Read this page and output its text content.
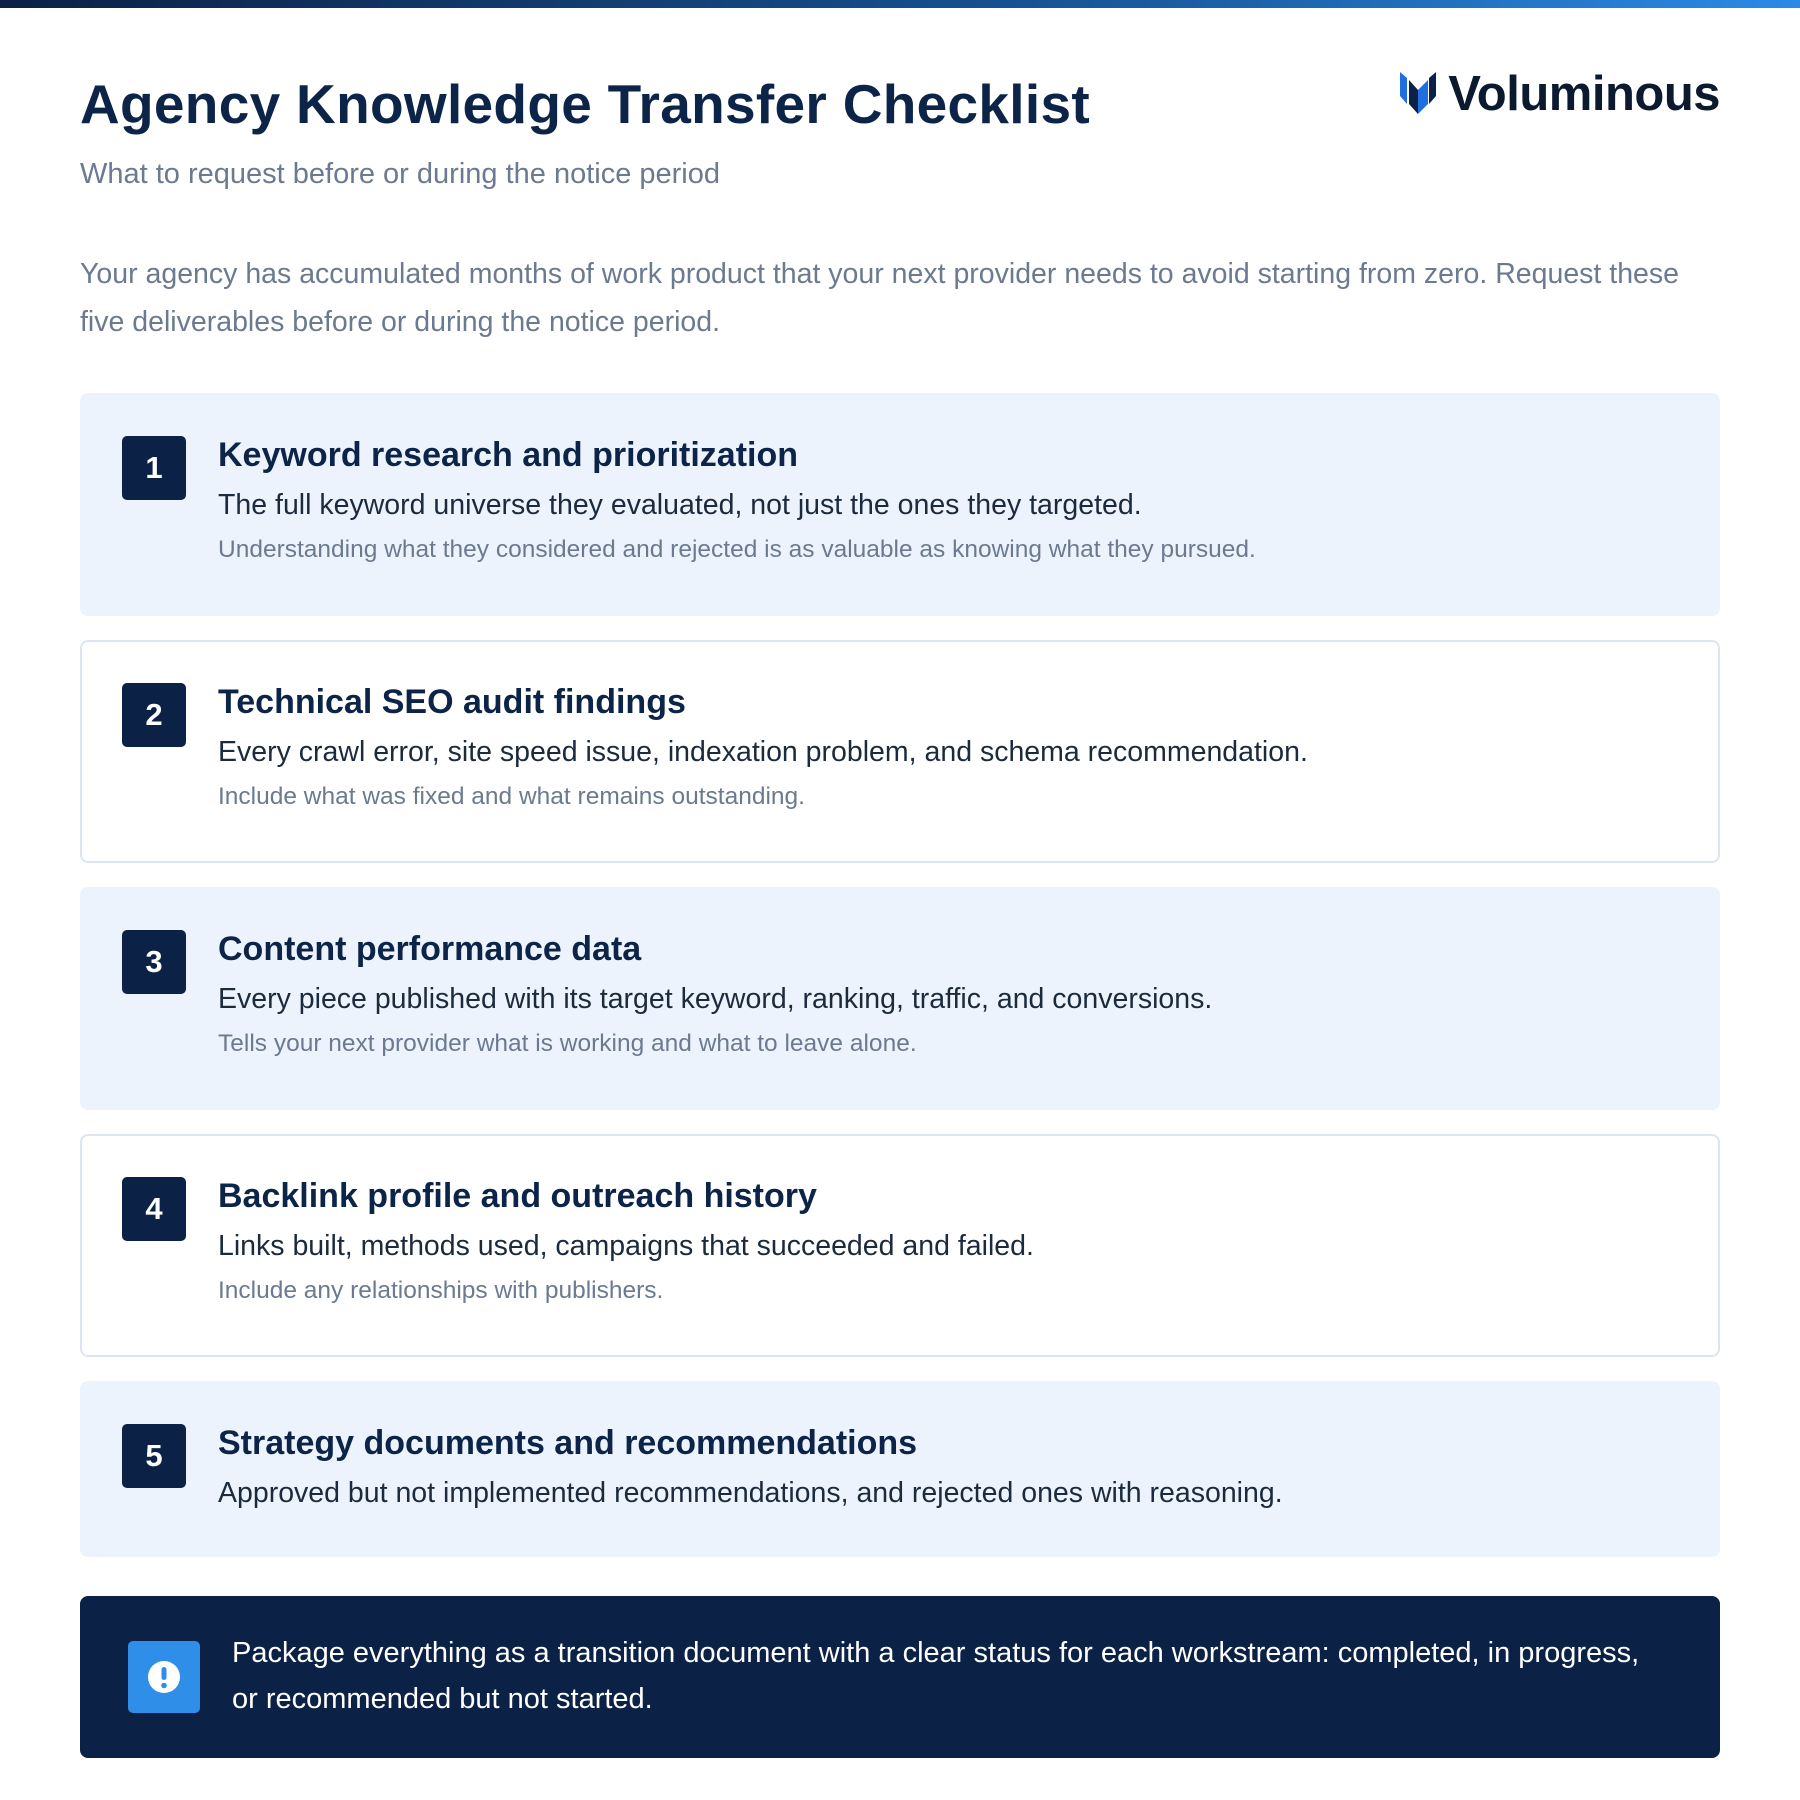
Agency Knowledge Transfer Checklist
What to request before or during the notice period
Voluminous

Your agency has accumulated months of work product that your next provider needs to avoid starting from zero. Request these five deliverables before or during the notice period.

1	Keyword research and prioritization
The full keyword universe they evaluated, not just the ones they targeted.
Understanding what they considered and rejected is as valuable as knowing what they pursued.
2	Technical SEO audit findings
Every crawl error, site speed issue, indexation problem, and schema recommendation.
Include what was fixed and what remains outstanding.
3	Content performance data
Every piece published with its target keyword, ranking, traffic, and conversions.
Tells your next provider what is working and what to leave alone.
4	Backlink profile and outreach history
Links built, methods used, campaigns that succeeded and failed.
Include any relationships with publishers.
5	Strategy documents and recommendations
Approved but not implemented recommendations, and rejected ones with reasoning.
Package everything as a transition document with a clear status for each workstream: completed, in progress, or recommended but not started.
